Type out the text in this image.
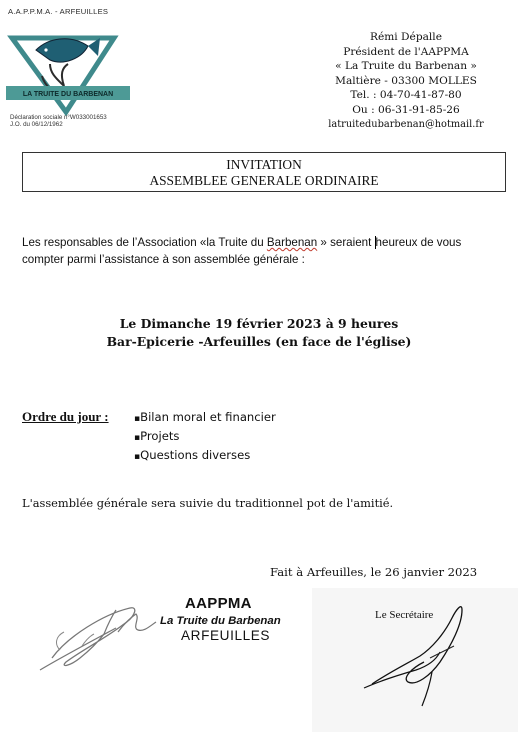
A.A.P.P.M.A. - ARFEUILLES
LA TRUITE DU BARBENAN
Déclaration sociale n°W033001653
J.O. du 06/12/1962
Rémi Dépalle
Président de l'AAPPMA
« La Truite du Barbenan »
Maltière - 03300 MOLLES
Tel. : 04-70-41-87-80
Ou : 06-31-91-85-26
latruitedubarbenan@hotmail.fr
INVITATION
ASSEMBLEE GENERALE ORDINAIRE
Les responsables de l’Association «la Truite du Barbenan » seraient heureux de vous
compter parmi l’assistance à son assemblée générale :
Le Dimanche 19 février 2023 à 9 heures
Bar-Epicerie -Arfeuilles (en face de l'église)
Ordre du jour :	▪Bilan moral et financier
▪Projets
▪Questions diverses
L'assemblée générale sera suivie du traditionnel pot de l'amitié.
Fait à Arfeuilles, le 26 janvier 2023
AAPPMA
La Truite du Barbenan
ARFEUILLES
Le Secrétaire
